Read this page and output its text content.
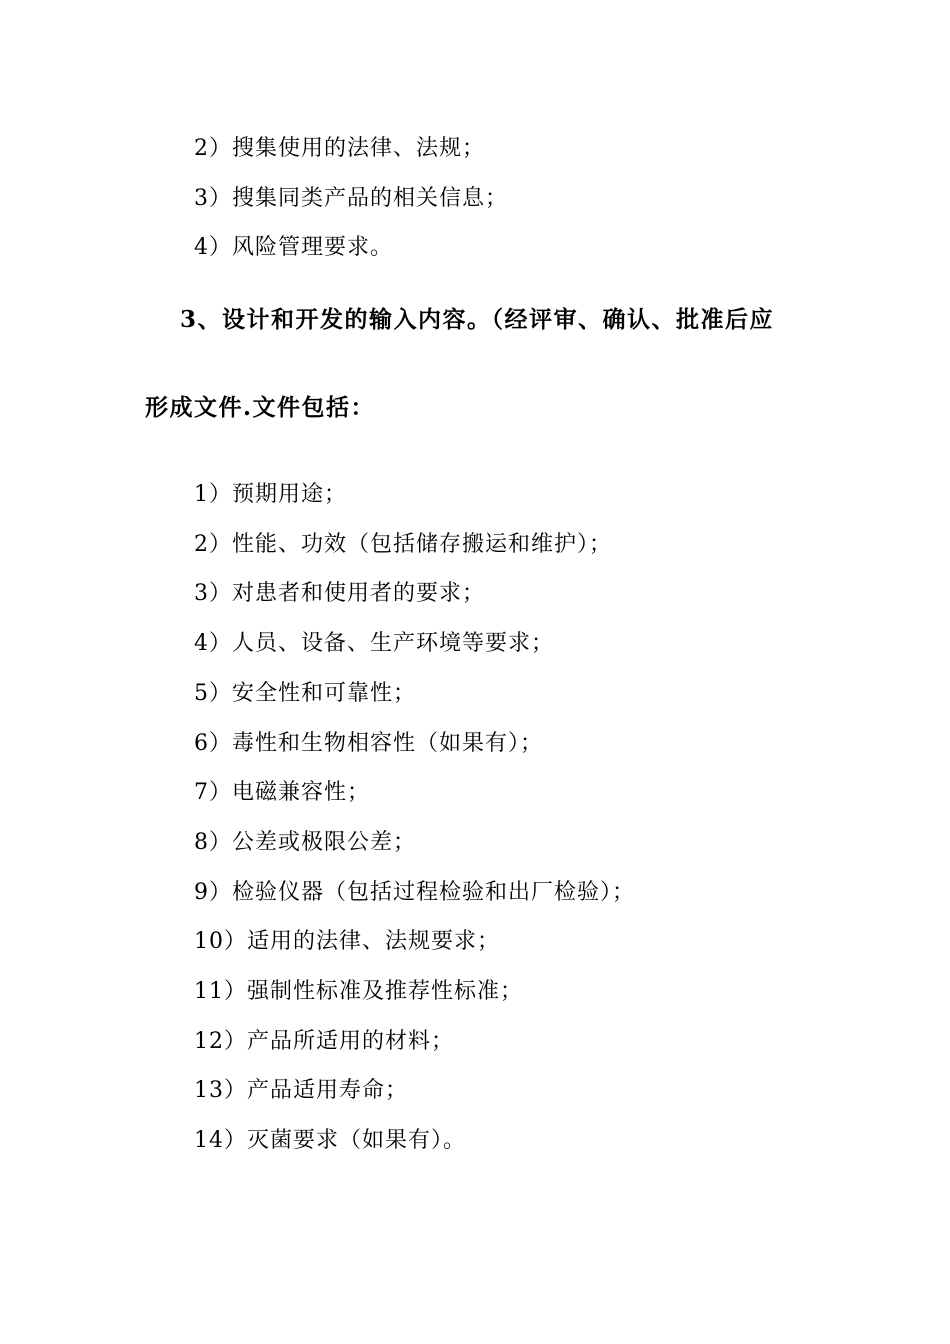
2）搜集使用的法律、法规；
3）搜集同类产品的相关信息；
4）风险管理要求。
3、设计和开发的输入内容。（经评审、确认、批准后应
形成文件.文件包括：
1）预期用途；
2）性能、功效（包括储存搬运和维护）；
3）对患者和使用者的要求；
4）人员、设备、生产环境等要求；
5）安全性和可靠性；
6）毒性和生物相容性（如果有）；
7）电磁兼容性；
8）公差或极限公差；
9）检验仪器（包括过程检验和出厂检验）；
10）适用的法律、法规要求；
11）强制性标准及推荐性标准；
12）产品所适用的材料；
13）产品适用寿命；
14）灭菌要求（如果有）。
